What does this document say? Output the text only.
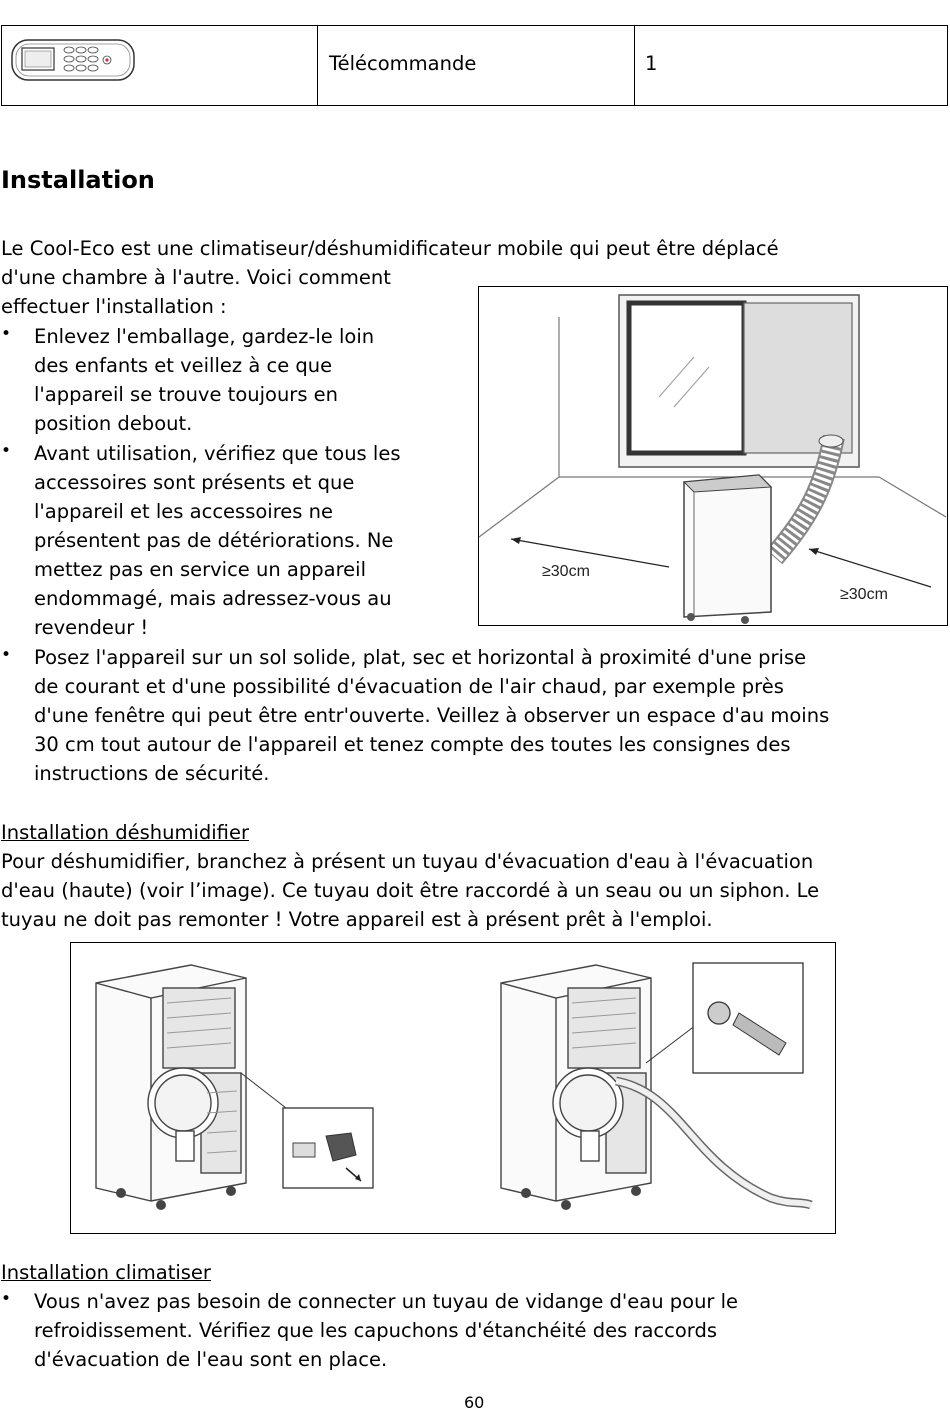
Télécommande	1
Installation
Le Cool-Eco est une climatiseur/déshumidificateur mobile qui peut être déplacé
d'une chambre à l'autre. Voici comment
effectuer l'installation :
• Enlevez l'emballage, gardez-le loin
des enfants et veillez à ce que
l'appareil se trouve toujours en
position debout.
• Avant utilisation, vérifiez que tous les
accessoires sont présents et que
l'appareil et les accessoires ne
présentent pas de détériorations. Ne
mettez pas en service un appareil
endommagé, mais adressez-vous au
revendeur !
• Posez l'appareil sur un sol solide, plat, sec et horizontal à proximité d'une prise
de courant et d'une possibilité d'évacuation de l'air chaud, par exemple près
d'une fenêtre qui peut être entr'ouverte. Veillez à observer un espace d'au moins
30 cm tout autour de l'appareil et tenez compte des toutes les consignes des
instructions de sécurité.
≥30cm
≥30cm
Installation déshumidifier
Pour déshumidifier, branchez à présent un tuyau d'évacuation d'eau à l'évacuation
d'eau (haute) (voir l’image). Ce tuyau doit être raccordé à un seau ou un siphon. Le
tuyau ne doit pas remonter ! Votre appareil est à présent prêt à l'emploi.
Installation climatiser
• Vous n'avez pas besoin de connecter un tuyau de vidange d'eau pour le
refroidissement. Vérifiez que les capuchons d'étanchéité des raccords
d'évacuation de l'eau sont en place.
60
